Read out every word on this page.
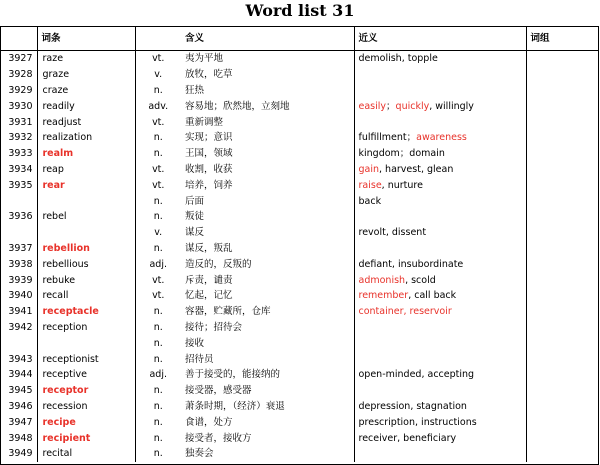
Word list 31
	词条		含义	近义	词组
3927	raze	vt.	夷为平地	demolish, topple	
3928	graze	v.	放牧，吃草		
3929	craze	n.	狂热		
3930	readily	adv.	容易地；欣然地，立刻地	easily；quickly, willingly	
3931	readjust	vt.	重新调整		
3932	realization	n.	实现；意识	fulfillment；awareness	
3933	realm	n.	王国，领域	kingdom；domain	
3934	reap	vt.	收割，收获	gain, harvest, glean	
3935	rear	vt.	培养，饲养	raise, nurture	
		n.	后面	back	
3936	rebel	n.	叛徒		
		v.	谋反	revolt, dissent	
3937	rebellion	n.	谋反，叛乱		
3938	rebellious	adj.	造反的，反叛的	defiant, insubordinate	
3939	rebuke	vt.	斥责，谴责	admonish, scold	
3940	recall	vt.	忆起，记忆	remember, call back	
3941	receptacle	n.	容器，贮藏所，仓库	container, reservoir	
3942	reception	n.	接待；招待会		
		n.	接收		
3943	receptionist	n.	招待员		
3944	receptive	adj.	善于接受的，能接纳的	open-minded, accepting	
3945	receptor	n.	接受器，感受器		
3946	recession	n.	萧条时期，（经济）衰退	depression, stagnation	
3947	recipe	n.	食谱，处方	prescription, instructions	
3948	recipient	n.	接受者，接收方	receiver, beneficiary	
3949	recital	n.	独奏会		
